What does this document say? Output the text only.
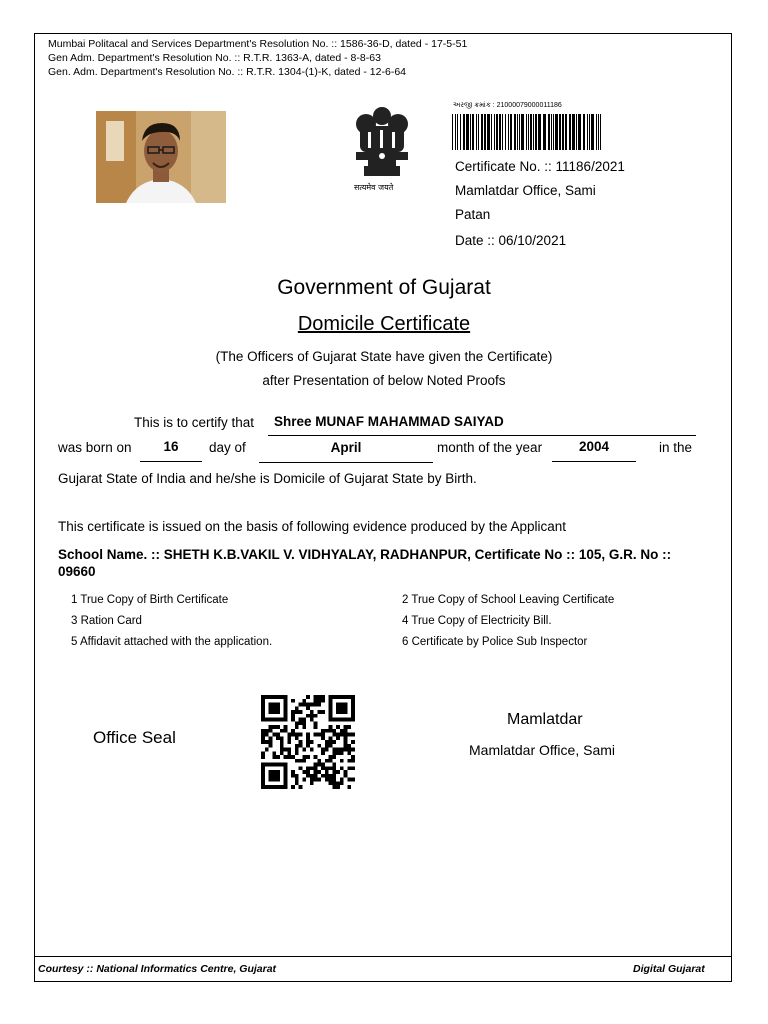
Mumbai Politacal and Services Department's Resolution No. :: 1586-36-D, dated - 17-5-51
Gen Adm. Department's Resolution No. :: R.T.R. 1363-A, dated - 8-8-63
Gen. Adm. Department's Resolution No. :: R.T.R. 1304-(1)-K, dated - 12-6-64
सत्यमेव जयते
અરજી ક્રમાંક : 21000079000011186
Certificate No. :: 11186/2021
Mamlatdar Office, Sami
Patan
Date :: 06/10/2021
Government of Gujarat
Domicile Certificate
(The Officers of Gujarat State have given the Certificate)
after Presentation of below Noted Proofs
This is to certify that	Shree MUNAF MAHAMMAD SAIYAD
was born on	16	day of	April	month of the year	2004	in the
Gujarat State of India and he/she is Domicile of Gujarat State by Birth.
This certificate is issued on the basis of following evidence produced by the Applicant
School Name. :: SHETH K.B.VAKIL V. VIDHYALAY, RADHANPUR, Certificate No :: 105, G.R. No :: 09660
1 True Copy of Birth Certificate	2 True Copy of School Leaving Certificate
3 Ration Card	4 True Copy of Electricity Bill.
5 Affidavit attached with the application.	6 Certificate by Police Sub Inspector
Office Seal
Mamlatdar
Mamlatdar Office, Sami
Courtesy :: National Informatics Centre, Gujarat	Digital Gujarat
